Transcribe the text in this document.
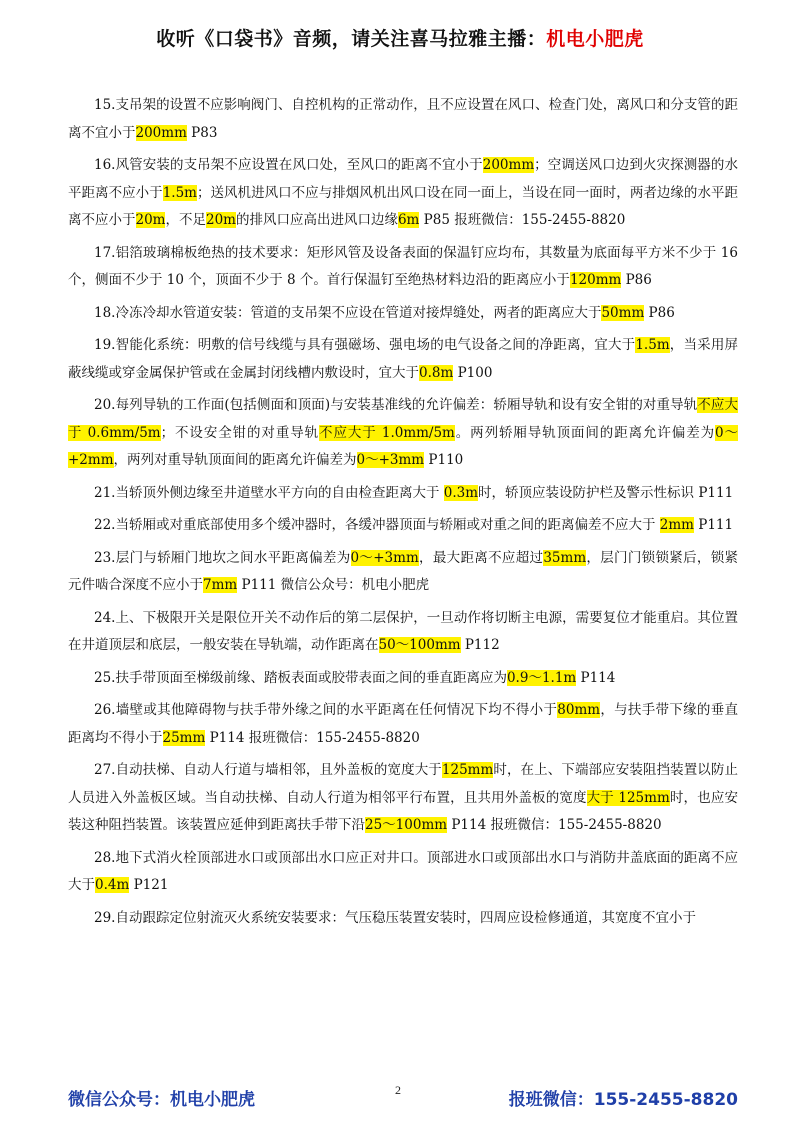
收听《口袋书》音频，请关注喜马拉雅主播：机电小肥虎

15.支吊架的设置不应影响阀门、自控机构的正常动作，且不应设置在风口、检查门处，离风口和分支管的距离不宜小于200mm P83

16.风管安装的支吊架不应设置在风口处，至风口的距离不宜小于200mm；空调送风口边到火灾探测器的水平距离不应小于1.5m；送风机进风口不应与排烟风机出风口设在同一面上，当设在同一面时，两者边缘的水平距离不应小于20m，不足20m的排风口应高出进风口边缘6m P85 报班微信：155-2455-8820

17.铝箔玻璃棉板绝热的技术要求：矩形风管及设备表面的保温钉应均布，其数量为底面每平方米不少于 16 个，侧面不少于 10 个，顶面不少于 8 个。首行保温钉至绝热材料边沿的距离应小于120mm P86

18.冷冻冷却水管道安装：管道的支吊架不应设在管道对接焊缝处，两者的距离应大于50mm P86

19.智能化系统：明敷的信号线缆与具有强磁场、强电场的电气设备之间的净距离，宜大于1.5m，当采用屏蔽线缆或穿金属保护管或在金属封闭线槽内敷设时，宜大于0.8m P100

20.每列导轨的工作面(包括侧面和顶面)与安装基准线的允许偏差：轿厢导轨和设有安全钳的对重导轨不应大于 0.6mm/5m；不设安全钳的对重导轨不应大于 1.0mm/5m。两列轿厢导轨顶面间的距离允许偏差为0～+2mm，两列对重导轨顶面间的距离允许偏差为0～+3mm P110

21.当轿顶外侧边缘至井道壁水平方向的自由检查距离大于 0.3m时，轿顶应装设防护栏及警示性标识 P111

22.当轿厢或对重底部使用多个缓冲器时，各缓冲器顶面与轿厢或对重之间的距离偏差不应大于 2mm P111

23.层门与轿厢门地坎之间水平距离偏差为0～+3mm，最大距离不应超过35mm，层门门锁锁紧后，锁紧元件啮合深度不应小于7mm P111 微信公众号：机电小肥虎

24.上、下极限开关是限位开关不动作后的第二层保护，一旦动作将切断主电源，需要复位才能重启。其位置在井道顶层和底层，一般安装在导轨端，动作距离在50～100mm P112

25.扶手带顶面至梯级前缘、踏板表面或胶带表面之间的垂直距离应为0.9～1.1m P114

26.墙壁或其他障碍物与扶手带外缘之间的水平距离在任何情况下均不得小于80mm，与扶手带下缘的垂直距离均不得小于25mm P114 报班微信：155-2455-8820

27.自动扶梯、自动人行道与墙相邻，且外盖板的宽度大于125mm时，在上、下端部应安装阻挡装置以防止人员进入外盖板区域。当自动扶梯、自动人行道为相邻平行布置，且共用外盖板的宽度大于 125mm时，也应安装这种阻挡装置。该装置应延伸到距离扶手带下沿25～100mm P114 报班微信：155-2455-8820

28.地下式消火栓顶部进水口或顶部出水口应正对井口。顶部进水口或顶部出水口与消防井盖底面的距离不应大于0.4m P121

29.自动跟踪定位射流灭火系统安装要求：气压稳压装置安装时，四周应设检修通道，其宽度不宜小于

微信公众号：机电小肥虎	2	报班微信：155-2455-8820
